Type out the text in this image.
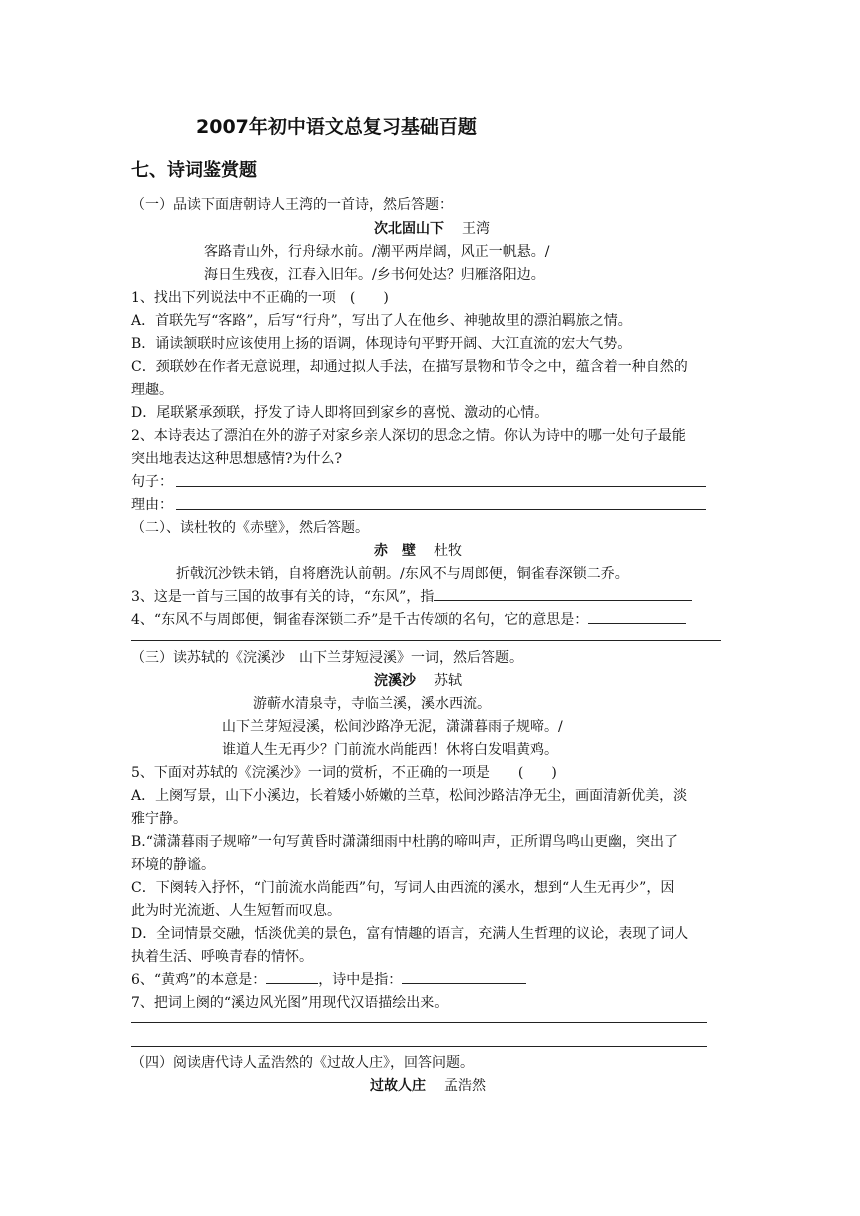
2007年初中语文总复习基础百题
七、诗词鉴赏题
（一）品读下面唐朝诗人王湾的一首诗，然后答题：
次北固山下 王湾
客路青山外，行舟绿水前。/潮平两岸阔，风正一帆悬。/
海日生残夜，江春入旧年。/乡书何处达？归雁洛阳边。
1、找出下列说法中不正确的一项　(　　)
A．首联先写“客路”，后写“行舟”，写出了人在他乡、神驰故里的漂泊羁旅之情。
B．诵读颔联时应该使用上扬的语调，体现诗句平野开阔、大江直流的宏大气势。
C．颈联妙在作者无意说理，却通过拟人手法，在描写景物和节令之中，蕴含着一种自然的
理趣。
D．尾联紧承颈联，抒发了诗人即将回到家乡的喜悦、激动的心情。
2、本诗表达了漂泊在外的游子对家乡亲人深切的思念之情。你认为诗中的哪一处句子最能
突出地表达这种思想感情?为什么?
句子：
理由：
（二）、读杜牧的《赤壁》，然后答题。
赤　壁 杜牧
折戟沉沙铁未销，自将磨洗认前朝。/东风不与周郎便，铜雀春深锁二乔。
3、这是一首与三国的故事有关的诗，“东风”，指
4、“东风不与周郎便，铜雀春深锁二乔”是千古传颂的名句，它的意思是：
（三）读苏轼的《浣溪沙　山下兰芽短浸溪》一词，然后答题。
浣溪沙 苏轼
游蕲水清泉寺，寺临兰溪，溪水西流。
山下兰芽短浸溪，松间沙路净无泥，潇潇暮雨子规啼。/
谁道人生无再少？门前流水尚能西！休将白发唱黄鸡。
5、下面对苏轼的《浣溪沙》一词的赏析，不正确的一项是　　(　　)
A．上阕写景，山下小溪边，长着矮小娇嫩的兰草，松间沙路洁净无尘，画面清新优美，淡
雅宁静。
B.“潇潇暮雨子规啼”一句写黄昏时潇潇细雨中杜鹃的啼叫声，正所谓鸟鸣山更幽，突出了
环境的静谧。
C．下阕转入抒怀，“门前流水尚能西”句，写词人由西流的溪水，想到“人生无再少”，因
此为时光流逝、人生短暂而叹息。
D．全词情景交融，恬淡优美的景色，富有情趣的语言，充满人生哲理的议论，表现了词人
执着生活、呼唤青春的情怀。
6、“黄鸡”的本意是：	，诗中是指：
7、把词上阕的“溪边风光图”用现代汉语描绘出来。
（四）阅读唐代诗人孟浩然的《过故人庄》，回答问题。
过故人庄 孟浩然
